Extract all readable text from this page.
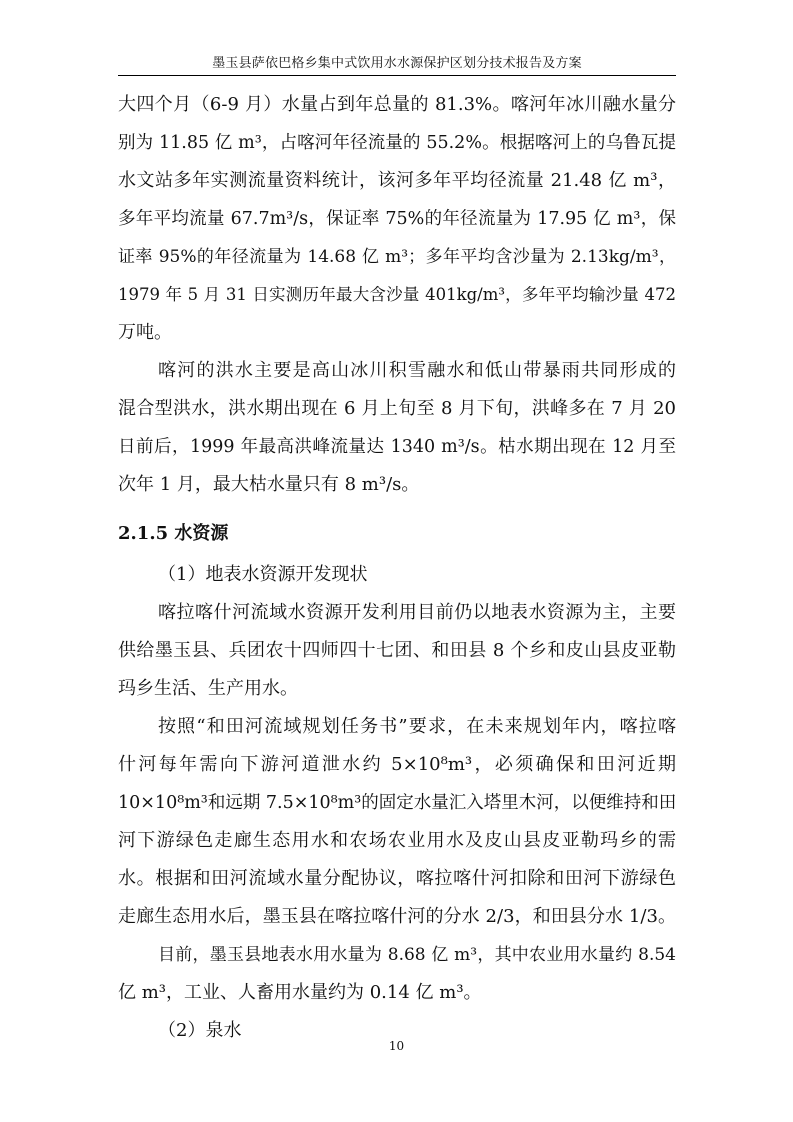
墨玉县萨依巴格乡集中式饮用水水源保护区划分技术报告及方案
大四个月（6-9 月）水量占到年总量的 81.3%。喀河年冰川融水量分
别为 11.85 亿 m³，占喀河年径流量的 55.2%。根据喀河上的乌鲁瓦提
水文站多年实测流量资料统计，该河多年平均径流量 21.48 亿 m³，
多年平均流量 67.7m³/s，保证率 75%的年径流量为 17.95 亿 m³，保
证率 95%的年径流量为 14.68 亿 m³；多年平均含沙量为 2.13kg/m³，
1979 年 5 月 31 日实测历年最大含沙量 401kg/m³，多年平均输沙量 472
万吨。
喀河的洪水主要是高山冰川积雪融水和低山带暴雨共同形成的
混合型洪水，洪水期出现在 6 月上旬至 8 月下旬，洪峰多在 7 月 20
日前后，1999 年最高洪峰流量达 1340 m³/s。枯水期出现在 12 月至
次年 1 月，最大枯水量只有 8 m³/s。
2.1.5 水资源
（1）地表水资源开发现状
喀拉喀什河流域水资源开发利用目前仍以地表水资源为主，主要
供给墨玉县、兵团农十四师四十七团、和田县 8 个乡和皮山县皮亚勒
玛乡生活、生产用水。
按照“和田河流域规划任务书”要求，在未来规划年内，喀拉喀
什河每年需向下游河道泄水约 5×10⁸m³，必须确保和田河近期
10×10⁸m³和远期 7.5×10⁸m³的固定水量汇入塔里木河，以便维持和田
河下游绿色走廊生态用水和农场农业用水及皮山县皮亚勒玛乡的需
水。根据和田河流域水量分配协议，喀拉喀什河扣除和田河下游绿色
走廊生态用水后，墨玉县在喀拉喀什河的分水 2/3，和田县分水 1/3。
目前，墨玉县地表水用水量为 8.68 亿 m³，其中农业用水量约 8.54
亿 m³，工业、人畜用水量约为 0.14 亿 m³。
（2）泉水
10
